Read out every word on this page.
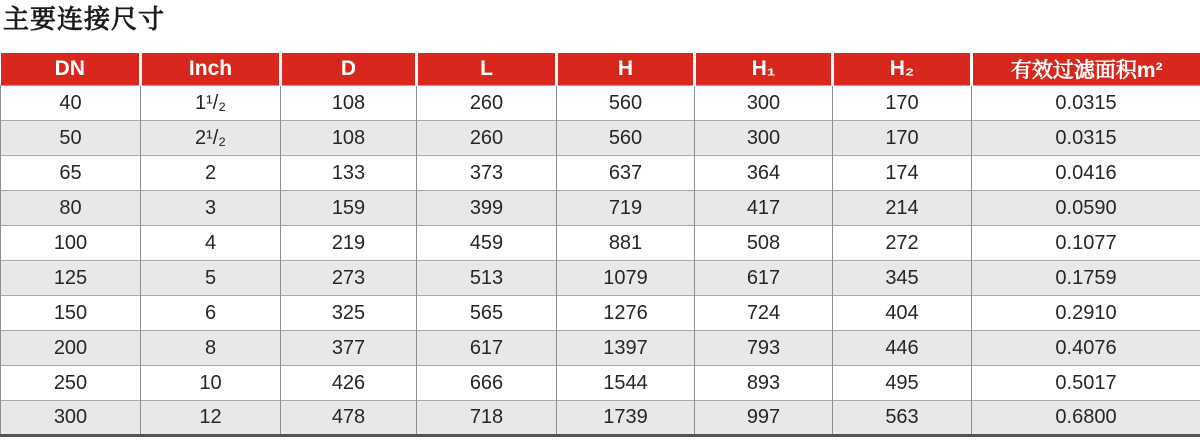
主要连接尺寸
DN	Inch	D	L	H	H₁	H₂	有效过滤面积m²
40	1¹/₂	108	260	560	300	170	0.0315
50	2¹/₂	108	260	560	300	170	0.0315
65	2	133	373	637	364	174	0.0416
80	3	159	399	719	417	214	0.0590
100	4	219	459	881	508	272	0.1077
125	5	273	513	1079	617	345	0.1759
150	6	325	565	1276	724	404	0.2910
200	8	377	617	1397	793	446	0.4076
250	10	426	666	1544	893	495	0.5017
300	12	478	718	1739	997	563	0.6800
